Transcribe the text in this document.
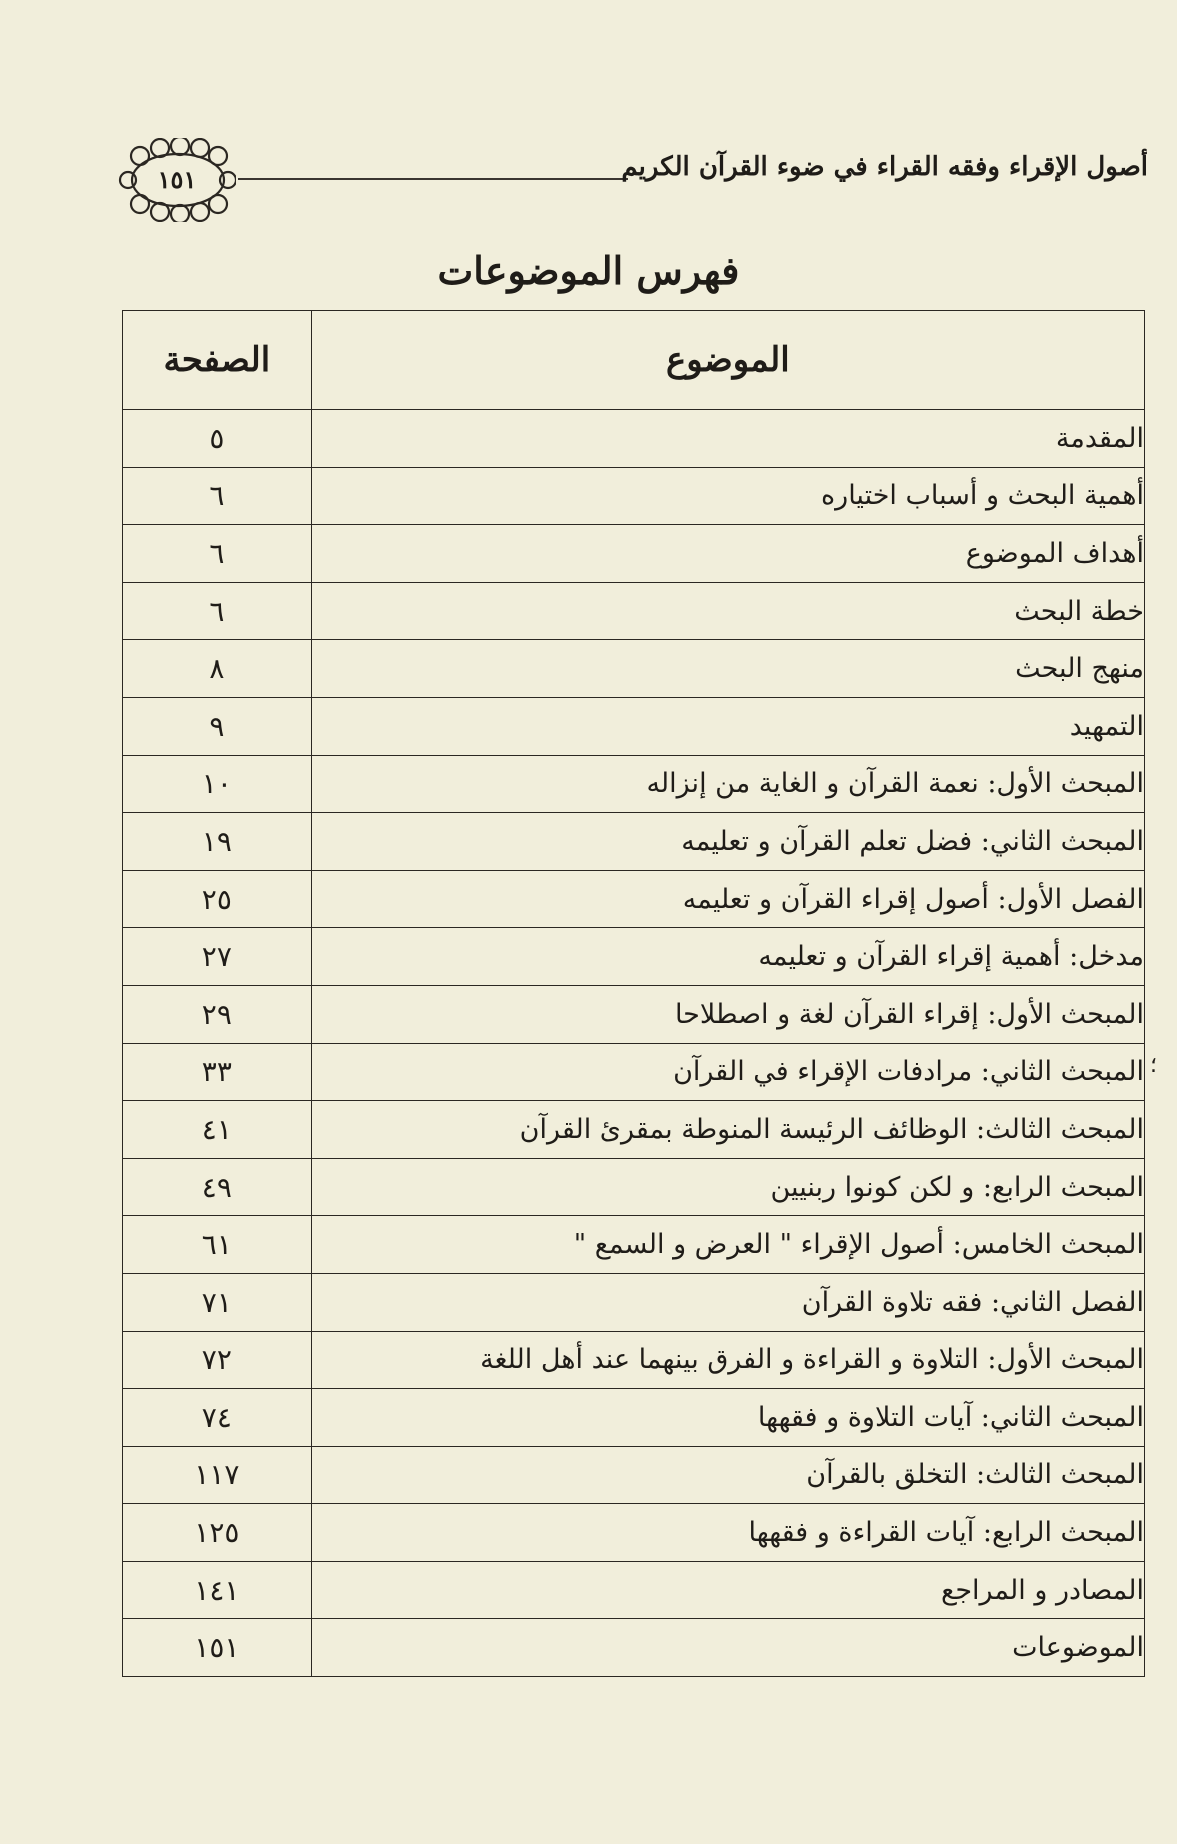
١٥١	أصول الإقراء وفقه القراء في ضوء القرآن الكريم
فهرس الموضوعات
الموضوع	الصفحة
المقدمة	٥
أهمية البحث و أسباب اختياره	٦
أهداف الموضوع	٦
خطة البحث	٦
منهج البحث	٨
التمهيد	٩
المبحث الأول: نعمة القرآن و الغاية من إنزاله	١٠
المبحث الثاني: فضل تعلم القرآن و تعليمه	١٩
الفصل الأول: أصول إقراء القرآن و تعليمه	٢٥
مدخل: أهمية إقراء القرآن و تعليمه	٢٧
المبحث الأول: إقراء القرآن لغة و اصطلاحا	٢٩
المبحث الثاني: مرادفات الإقراء في القرآن	٣٣
المبحث الثالث: الوظائف الرئيسة المنوطة بمقرئ القرآن	٤١
المبحث الرابع: و لكن كونوا ربنيين	٤٩
المبحث الخامس: أصول الإقراء " العرض و السمع "	٦١
الفصل الثاني: فقه تلاوة القرآن	٧١
المبحث الأول: التلاوة و القراءة و الفرق بينهما عند أهل اللغة	٧٢
المبحث الثاني: آيات التلاوة و فقهها	٧٤
المبحث الثالث: التخلق بالقرآن	١١٧
المبحث الرابع: آيات القراءة و فقهها	١٢٥
المصادر و المراجع	١٤١
الموضوعات	١٥١
؛
